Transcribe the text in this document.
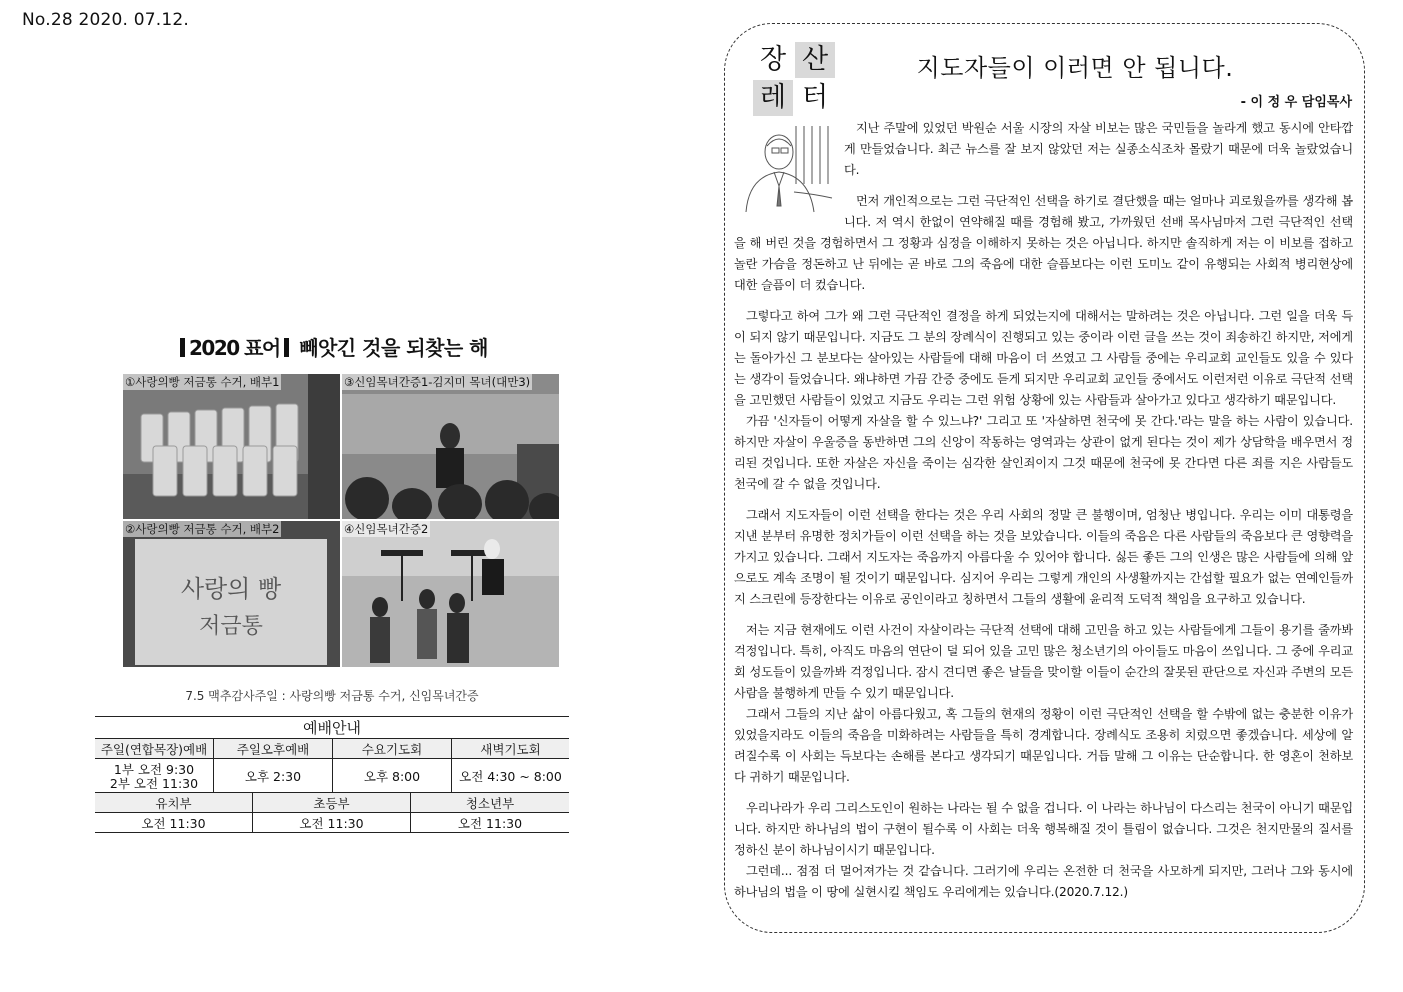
No.28 2020. 07.12.
2020 표어 빼앗긴 것을 되찾는 해
①사랑의빵 저금통 수거, 배부1	③신임목녀간증1-김지미 목녀(대만3)
②사랑의빵 저금통 수거, 배부2
사랑의 빵
저금통
④신임목녀간증2
7.5 맥추감사주일 : 사랑의빵 저금통 수거, 신임목녀간증
예배안내			
주일(연합목장)예배	주일오후예배	수요기도회	새벽기도회

1부 오전 9:30
2부 오전 11:30	오후 2:30	오후 8:00	오전 4:30 ~ 8:00
유치부	초등부	청소년부
오전 11:30	오전 11:30	오전 11:30
장 산
레 터
지도자들이 이러면 안 됩니다.
- 이 정 우 담임목사

지난 주말에 있었던 박원순 서울 시장의 자살 비보는 많은 국민들을 놀라게 했고 동시에 안타깝게 만들었습니다. 최근 뉴스를 잘 보지 않았던 저는 실종소식조차 몰랐기 때문에 더욱 놀랐었습니다.

먼저 개인적으로는 그런 극단적인 선택을 하기로 결단했을 때는 얼마나 괴로웠을까를 생각해 봅니다. 저 역시 한없이 연약해질 때를 경험해 봤고, 가까웠던 선배 목사님마저 그런 극단적인 선택을 해 버린 것을 경험하면서 그 정황과 심정을 이해하지 못하는 것은 아닙니다. 하지만 솔직하게 저는 이 비보를 접하고 놀란 가슴을 정돈하고 난 뒤에는 곧 바로 그의 죽음에 대한 슬픔보다는 이런 도미노 같이 유행되는 사회적 병리현상에 대한 슬픔이 더 컸습니다.

그렇다고 하여 그가 왜 그런 극단적인 결정을 하게 되었는지에 대해서는 말하려는 것은 아닙니다. 그런 일을 더욱 득이 되지 않기 때문입니다. 지금도 그 분의 장례식이 진행되고 있는 중이라 이런 글을 쓰는 것이 죄송하긴 하지만, 저에게는 돌아가신 그 분보다는 살아있는 사람들에 대해 마음이 더 쓰였고 그 사람들 중에는 우리교회 교인들도 있을 수 있다는 생각이 들었습니다. 왜냐하면 가끔 간증 중에도 듣게 되지만 우리교회 교인들 중에서도 이런저런 이유로 극단적 선택을 고민했던 사람들이 있었고 지금도 우리는 그런 위험 상황에 있는 사람들과 살아가고 있다고 생각하기 때문입니다.

가끔 '신자들이 어떻게 자살을 할 수 있느냐?' 그리고 또 '자살하면 천국에 못 간다.'라는 말을 하는 사람이 있습니다. 하지만 자살이 우울증을 동반하면 그의 신앙이 작동하는 영역과는 상관이 없게 된다는 것이 제가 상담학을 배우면서 정리된 것입니다. 또한 자살은 자신을 죽이는 심각한 살인죄이지 그것 때문에 천국에 못 간다면 다른 죄를 지은 사람들도 천국에 갈 수 없을 것입니다.

그래서 지도자들이 이런 선택을 한다는 것은 우리 사회의 정말 큰 불행이며, 엄청난 병입니다. 우리는 이미 대통령을 지낸 분부터 유명한 정치가들이 이런 선택을 하는 것을 보았습니다. 이들의 죽음은 다른 사람들의 죽음보다 큰 영향력을 가지고 있습니다. 그래서 지도자는 죽음까지 아름다울 수 있어야 합니다. 싫든 좋든 그의 인생은 많은 사람들에 의해 앞으로도 계속 조명이 될 것이기 때문입니다. 심지어 우리는 그렇게 개인의 사생활까지는 간섭할 필요가 없는 연예인들까지 스크린에 등장한다는 이유로 공인이라고 칭하면서 그들의 생활에 윤리적 도덕적 책임을 요구하고 있습니다.

저는 지금 현재에도 이런 사건이 자살이라는 극단적 선택에 대해 고민을 하고 있는 사람들에게 그들이 용기를 줄까봐 걱정입니다. 특히, 아직도 마음의 연단이 덜 되어 있을 고민 많은 청소년기의 아이들도 마음이 쓰입니다. 그 중에 우리교회 성도들이 있을까봐 걱정입니다. 잠시 견디면 좋은 날들을 맞이할 이들이 순간의 잘못된 판단으로 자신과 주변의 모든 사람을 불행하게 만들 수 있기 때문입니다.

그래서 그들의 지난 삶이 아름다웠고, 혹 그들의 현재의 정황이 이런 극단적인 선택을 할 수밖에 없는 충분한 이유가 있었을지라도 이들의 죽음을 미화하려는 사람들을 특히 경계합니다. 장례식도 조용히 치렀으면 좋겠습니다. 세상에 알려질수록 이 사회는 득보다는 손해를 본다고 생각되기 때문입니다. 거듭 말해 그 이유는 단순합니다. 한 영혼이 천하보다 귀하기 때문입니다.

우리나라가 우리 그리스도인이 원하는 나라는 될 수 없을 겁니다. 이 나라는 하나님이 다스리는 천국이 아니기 때문입니다. 하지만 하나님의 법이 구현이 될수록 이 사회는 더욱 행복해질 것이 틀림이 없습니다. 그것은 천지만물의 질서를 정하신 분이 하나님이시기 때문입니다.

그런데... 점점 더 멀어져가는 것 같습니다. 그러기에 우리는 온전한 더 천국을 사모하게 되지만, 그러나 그와 동시에 하나님의 법을 이 땅에 실현시킬 책임도 우리에게는 있습니다.(2020.7.12.)
